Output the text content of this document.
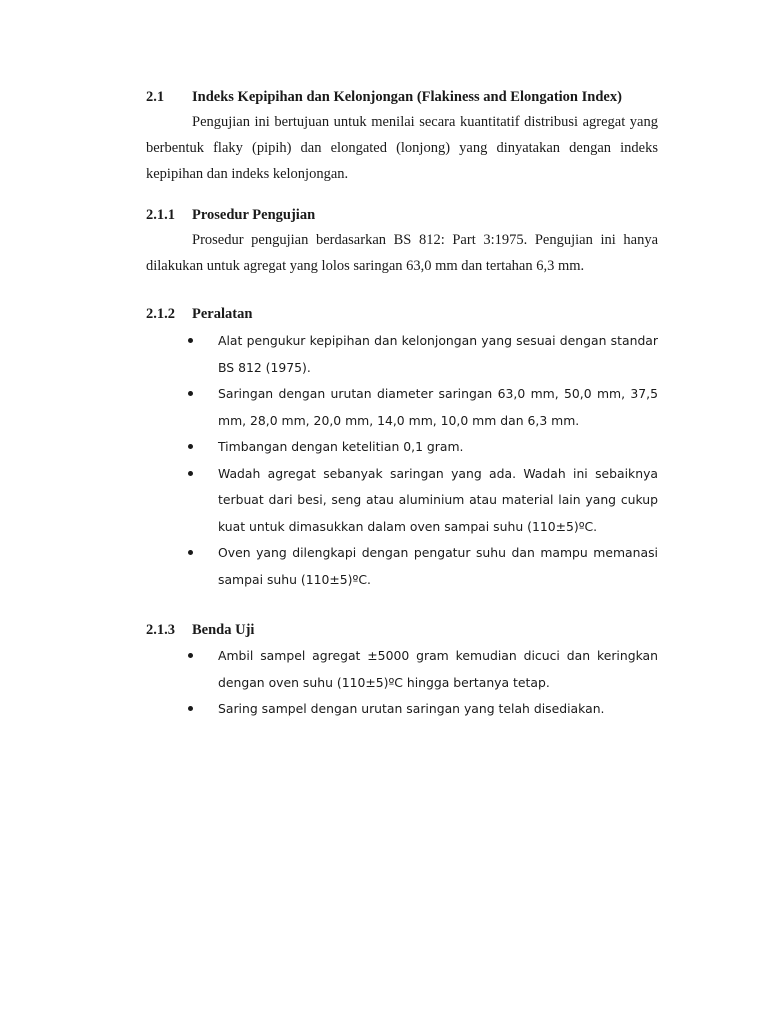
2.1 Indeks Kepipihan dan Kelonjongan (Flakiness and Elongation Index)

Pengujian ini bertujuan untuk menilai secara kuantitatif distribusi agregat yang berbentuk flaky (pipih) dan elongated (lonjong) yang dinyatakan dengan indeks kepipihan dan indeks kelonjongan.

2.1.1 Prosedur Pengujian

Prosedur pengujian berdasarkan BS 812: Part 3:1975. Pengujian ini hanya dilakukan untuk agregat yang lolos saringan 63,0 mm dan tertahan 6,3 mm.

2.1.2 Peralatan
Alat pengukur kepipihan dan kelonjongan yang sesuai dengan standar BS 812 (1975).
Saringan dengan urutan diameter saringan 63,0 mm, 50,0 mm, 37,5 mm, 28,0 mm, 20,0 mm, 14,0 mm, 10,0 mm dan 6,3 mm.
Timbangan dengan ketelitian 0,1 gram.
Wadah agregat sebanyak saringan yang ada. Wadah ini sebaiknya terbuat dari besi, seng atau aluminium atau material lain yang cukup kuat untuk dimasukkan dalam oven sampai suhu (110±5)ºC.
Oven yang dilengkapi dengan pengatur suhu dan mampu memanasi sampai suhu (110±5)ºC.
2.1.3 Benda Uji
Ambil sampel agregat ±5000 gram kemudian dicuci dan keringkan dengan oven suhu (110±5)ºC hingga bertanya tetap.
Saring sampel dengan urutan saringan yang telah disediakan.
